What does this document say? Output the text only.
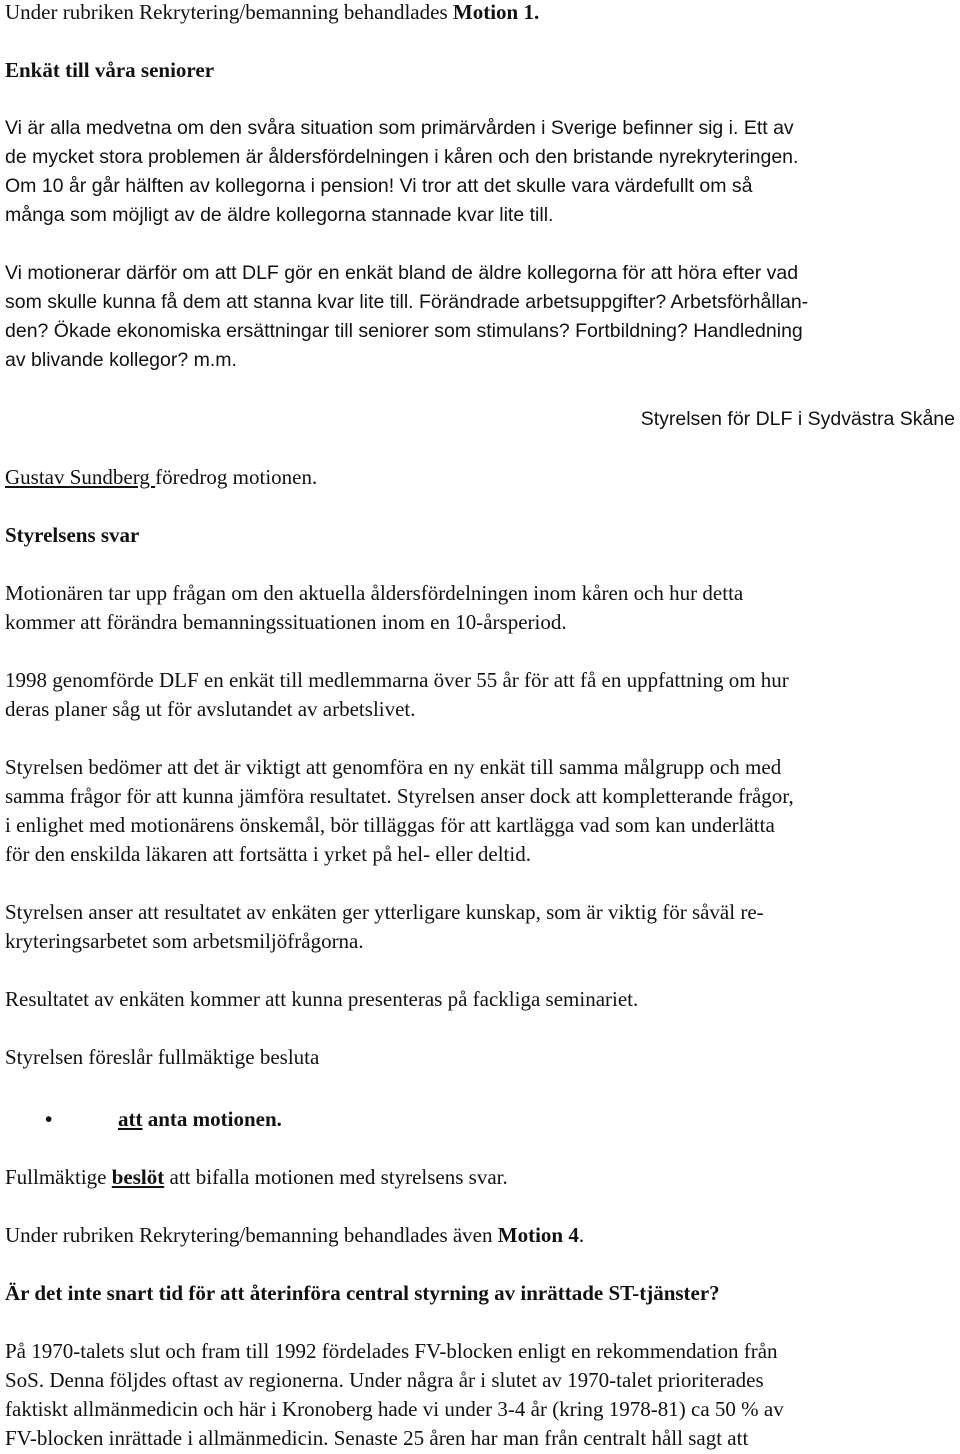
Under rubriken Rekrytering/bemanning behandlades Motion 1.
Enkät till våra seniorer
Vi är alla medvetna om den svåra situation som primärvården i Sverige befinner sig i. Ett av
de mycket stora problemen är åldersfördelningen i kåren och den bristande nyrekryteringen.
Om 10 år går hälften av kollegorna i pension! Vi tror att det skulle vara värdefullt om så
många som möjligt av de äldre kollegorna stannade kvar lite till.
Vi motionerar därför om att DLF gör en enkät bland de äldre kollegorna för att höra efter vad
som skulle kunna få dem att stanna kvar lite till. Förändrade arbetsuppgifter? Arbetsförhållan-
den? Ökade ekonomiska ersättningar till seniorer som stimulans? Fortbildning? Handledning
av blivande kollegor? m.m.
Styrelsen för DLF i Sydvästra Skåne
Gustav Sundberg föredrog motionen.
Styrelsens svar
Motionären tar upp frågan om den aktuella åldersfördelningen inom kåren och hur detta
kommer att förändra bemanningssituationen inom en 10-årsperiod.
1998 genomförde DLF en enkät till medlemmarna över 55 år för att få en uppfattning om hur
deras planer såg ut för avslutandet av arbetslivet.
Styrelsen bedömer att det är viktigt att genomföra en ny enkät till samma målgrupp och med
samma frågor för att kunna jämföra resultatet. Styrelsen anser dock att kompletterande frågor,
i enlighet med motionärens önskemål, bör tilläggas för att kartlägga vad som kan underlätta
för den enskilda läkaren att fortsätta i yrket på hel- eller deltid.
Styrelsen anser att resultatet av enkäten ger ytterligare kunskap, som är viktig för såväl re-
kryteringsarbetet som arbetsmiljöfrågorna.
Resultatet av enkäten kommer att kunna presenteras på fackliga seminariet.
Styrelsen föreslår fullmäktige besluta
•	att anta motionen.
Fullmäktige beslöt att bifalla motionen med styrelsens svar.
Under rubriken Rekrytering/bemanning behandlades även Motion 4.
Är det inte snart tid för att återinföra central styrning av inrättade ST-tjänster?
På 1970-talets slut och fram till 1992 fördelades FV-blocken enligt en rekommendation från
SoS. Denna följdes oftast av regionerna. Under några år i slutet av 1970-talet prioriterades
faktiskt allmänmedicin och här i Kronoberg hade vi under 3-4 år (kring 1978-81) ca 50 % av
FV-blocken inrättade i allmänmedicin. Senaste 25 åren har man från centralt håll sagt att
